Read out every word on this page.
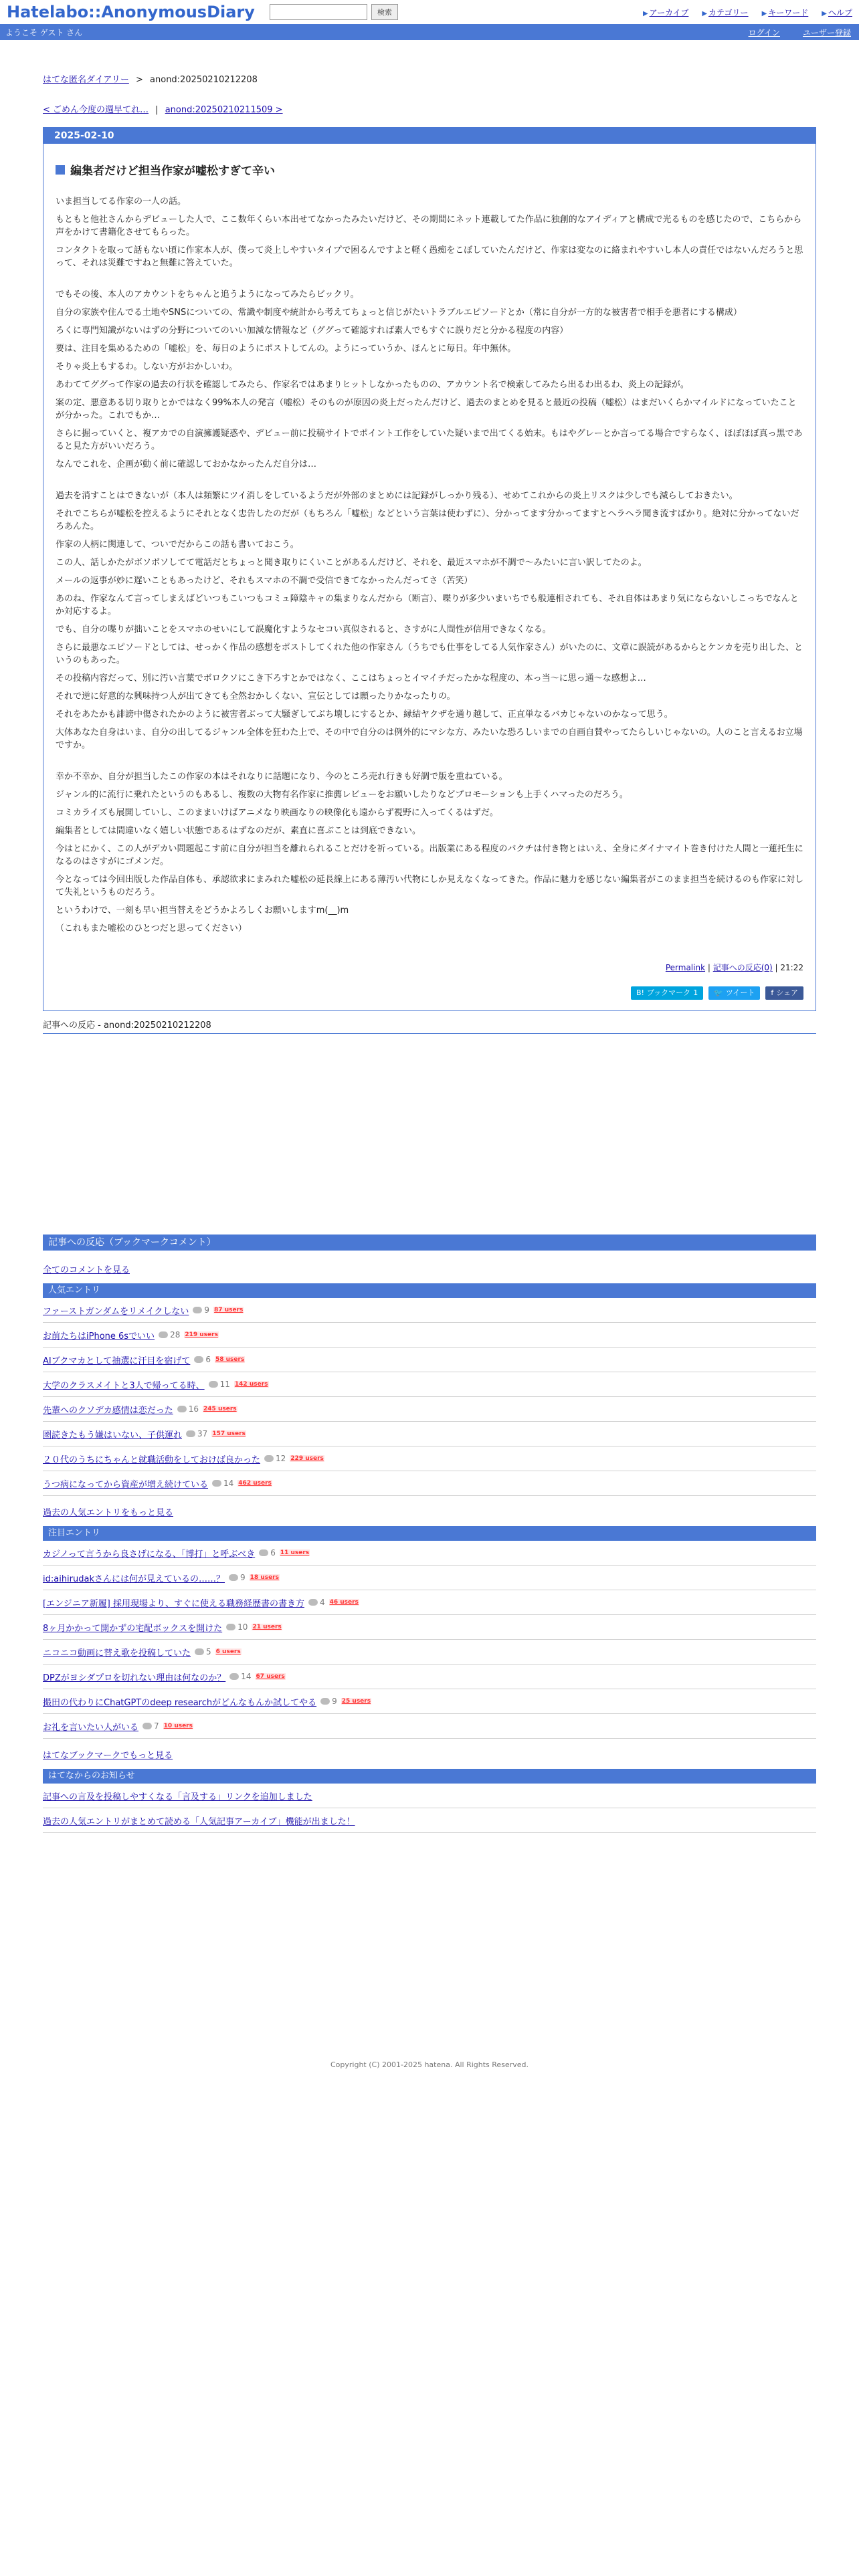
Hatelabo::AnonymousDiary	検索	▶ アーカイブ ▶ カテゴリー ▶ キーワード ▶ ヘルプ
ようこそ ゲスト さん	ログイン	ユーザー登録
はてな匿名ダイアリー > anond:20250210212208
< ごめん今度の週早てれ… | anond:20250210211509 >
2025-02-10
編集者だけど担当作家が嘘松すぎて辛い

いま担当してる作家の一人の話。

もともと他社さんからデビューした人で、ここ数年くらい本出せてなかったみたいだけど、その期間にネット連載してた作品に独創的なアイディアと構成で光るものを感じたので、こちらから声をかけて書籍化させてもらった。

コンタクトを取って話もない頃に作家本人が、僕って炎上しやすいタイプで困るんですよと軽く愚痴をこぼしていたんだけど、作家は変なのに絡まれやすいし本人の責任ではないんだろうと思って、それは災難ですねと無難に答えていた。

でもその後、本人のアカウントをちゃんと追うようになってみたらビックリ。

自分の家族や住んでる土地やSNSについての、常識や制度や統計から考えてちょっと信じがたいトラブルエピソードとか（常に自分が一方的な被害者で相手を悪者にする構成）

ろくに専門知識がないはずの分野についてのいい加減な情報など（ググって確認すれば素人でもすぐに誤りだと分かる程度の内容）

要は、注目を集めるための「嘘松」を、毎日のようにポストしてんの。ようにっていうか、ほんとに毎日。年中無休。

そりゃ炎上もするわ。しない方がおかしいわ。

あわててググって作家の過去の行状を確認してみたら、作家名ではあまりヒットしなかったものの、アカウント名で検索してみたら出るわ出るわ、炎上の記録が。

案の定、悪意ある切り取りとかではなく99%本人の発言（嘘松）そのものが原因の炎上だったんだけど、過去のまとめを見ると最近の投稿（嘘松）はまだいくらかマイルドになっていたことが分かった。これでもか…

さらに掘っていくと、複アカでの自演擁護疑惑や、デビュー前に投稿サイトでポイント工作をしていた疑いまで出てくる始末。もはやグレーとか言ってる場合ですらなく、ほぼほぼ真っ黒であると見た方がいいだろう。

なんでこれを、企画が動く前に確認しておかなかったんだ自分は…

過去を消すことはできないが（本人は頻繁にツイ消しをしているようだが外部のまとめには記録がしっかり残る）、せめてこれからの炎上リスクは少しでも減らしておきたい。

それでこちらが嘘松を控えるようにそれとなく忠告したのだが（もちろん「嘘松」などという言葉は使わずに）、分かってます分かってますとヘラヘラ聞き流すばかり。絶対に分かってないだろあんた。

作家の人柄に関連して、ついでだからこの話も書いておこう。

この人、話しかたがボソボソしてて電話だとちょっと聞き取りにくいことがあるんだけど、それを、最近スマホが不調で〜みたいに言い訳してたのよ。

メールの返事が妙に遅いこともあったけど、それもスマホの不調で受信できてなかったんだってさ（苦笑）

あのね、作家なんて言ってしまえばどいつもこいつもコミュ障陰キャの集まりなんだから（断言）、喋りが多少いまいちでも般連相されても、それ自体はあまり気にならないしこっちでなんとか対応するよ。

でも、自分の喋りが拙いことをスマホのせいにして誤魔化すようなセコい真似されると、さすがに人間性が信用できなくなる。

さらに最悪なエピソードとしては、せっかく作品の感想をポストしてくれた他の作家さん（うちでも仕事をしてる人気作家さん）がいたのに、文章に誤読があるからとケンカを売り出した、というのもあった。

その投稿内容だって、別に汚い言葉でボロクソにこき下ろすとかではなく、ここはちょっとイマイチだったかな程度の、本っ当〜に思っ通〜な感想よ…

それで逆に好意的な興味持つ人が出てきても全然おかしくない、宣伝としては願ったりかなったりの。

それをあたかも誹謗中傷されたかのように被害者ぶって大騒ぎしてぶち壊しにするとか、縁結ヤクザを通り越して、正直単なるバカじゃないのかなって思う。

大体あなた自身はいま、自分の出してるジャンル全体を狂わた上で、その中で自分のは例外的にマシな方、みたいな恐ろしいまでの自画自賛やってたらしいじゃないの。人のこと言えるお立場ですか。

幸か不幸か、自分が担当したこの作家の本はそれなりに話題になり、今のところ売れ行きも好調で版を重ねている。

ジャンル的に流行に乗れたというのもあるし、複数の大物有名作家に推薦レビューをお願いしたりなどプロモーションも上手くハマったのだろう。

コミカライズも展開していし、このままいけばアニメなり映画なりの映像化も遠からず視野に入ってくるはずだ。

編集者としては間違いなく嬉しい状態であるはずなのだが、素直に喜ぶことは到底できない。

今はとにかく、この人がデカい問題起こす前に自分が担当を離れられることだけを祈っている。出版業にある程度のバクチは付き物とはいえ、全身にダイナマイト巻き付けた人間と一蓮托生になるのはさすがにゴメンだ。

今となっては今回出版した作品自体も、承認欲求にまみれた嘘松の延長線上にある薄汚い代物にしか見えなくなってきた。作品に魅力を感じない編集者がこのまま担当を続けるのも作家に対して失礼というものだろう。

というわけで、一刻も早い担当替えをどうかよろしくお願いしますm(__)m

（これもまた嘘松のひとつだと思ってください）

Permalink | 記事への反応(0) | 21:22
B! ブックマーク 1 🐦 ツイート f シェア
記事への反応 - anond:20250210212208
記事への反応（ブックマークコメント）
全てのコメントを見る
人気エントリ
ファーストガンダムをリメイクしない 9 87 users
お前たちはiPhone 6sでいい 28 219 users
AIブクマカとして抽選に汗目を宿げて 6 58 users
大学のクラスメイトと3人で帰ってる時、 11 142 users
先輩へのクソデカ感情は恋だった 16 245 users
圏読きたもう嫌はいない、子供運れ 37 157 users
２０代のうちにちゃんと就職活動をしておけば良かった 12 229 users
うつ病になってから資産が増え続けている 14 462 users
過去の人気エントリをもっと見る
注目エントリ
カジノって言うから良さげになる、「博打」と呼ぶべき 6 11 users
id:aihirudakさんには何が見えているの……？ 9 18 users
[エンジニア新履] 採用現場より、すぐに使える職務経歴書の書き方 4 46 users
8ヶ月かかって開かずの宅配ボックスを開けた 10 21 users
ニコニコ動画に替え歌を投稿していた 5 6 users
DPZがヨシダプロを切れない理由は何なのか？ 14 67 users
撮田の代わりにChatGPTのdeep researchがどんなもんか試してやる 9 25 users
お礼を言いたい人がいる 7 10 users
はてなブックマークでもっと見る
はてなからのお知らせ
記事への言及を投稿しやすくなる「言及する」リンクを追加しました
過去の人気エントリがまとめて読める「人気記事アーカイブ」機能が出ました！
Copyright (C) 2001-2025 hatena. All Rights Reserved.
